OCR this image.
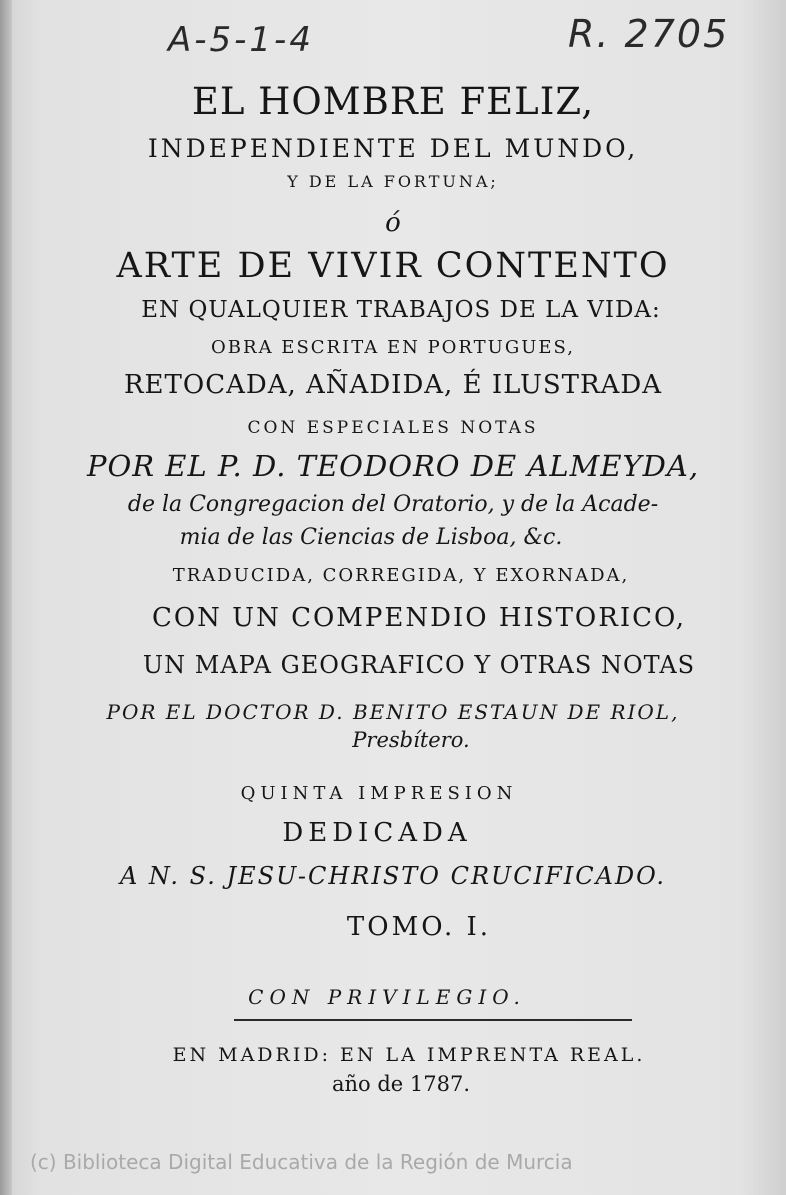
A-5-1-4	R. 2705
EL HOMBRE FELIZ,
INDEPENDIENTE DEL MUNDO,
Y DE LA FORTUNA;
ó
ARTE DE VIVIR CONTENTO
EN QUALQUIER TRABAJOS DE LA VIDA:
OBRA ESCRITA EN PORTUGUES,
RETOCADA, AÑADIDA, É ILUSTRADA
CON ESPECIALES NOTAS
POR EL P. D. TEODORO DE ALMEYDA,
de la Congregacion del Oratorio, y de la Acade-
mia de las Ciencias de Lisboa, &c.
TRADUCIDA, CORREGIDA, Y EXORNADA,
CON UN COMPENDIO HISTORICO,
UN MAPA GEOGRAFICO Y OTRAS NOTAS
POR EL DOCTOR D. BENITO ESTAUN DE RIOL,
Presbítero.
QUINTA IMPRESION
DEDICADA
A N. S. JESU-CHRISTO CRUCIFICADO.
TOMO. I.
CON PRIVILEGIO.
EN MADRID: EN LA IMPRENTA REAL.
año de 1787.
(c) Biblioteca Digital Educativa de la Región de Murcia
